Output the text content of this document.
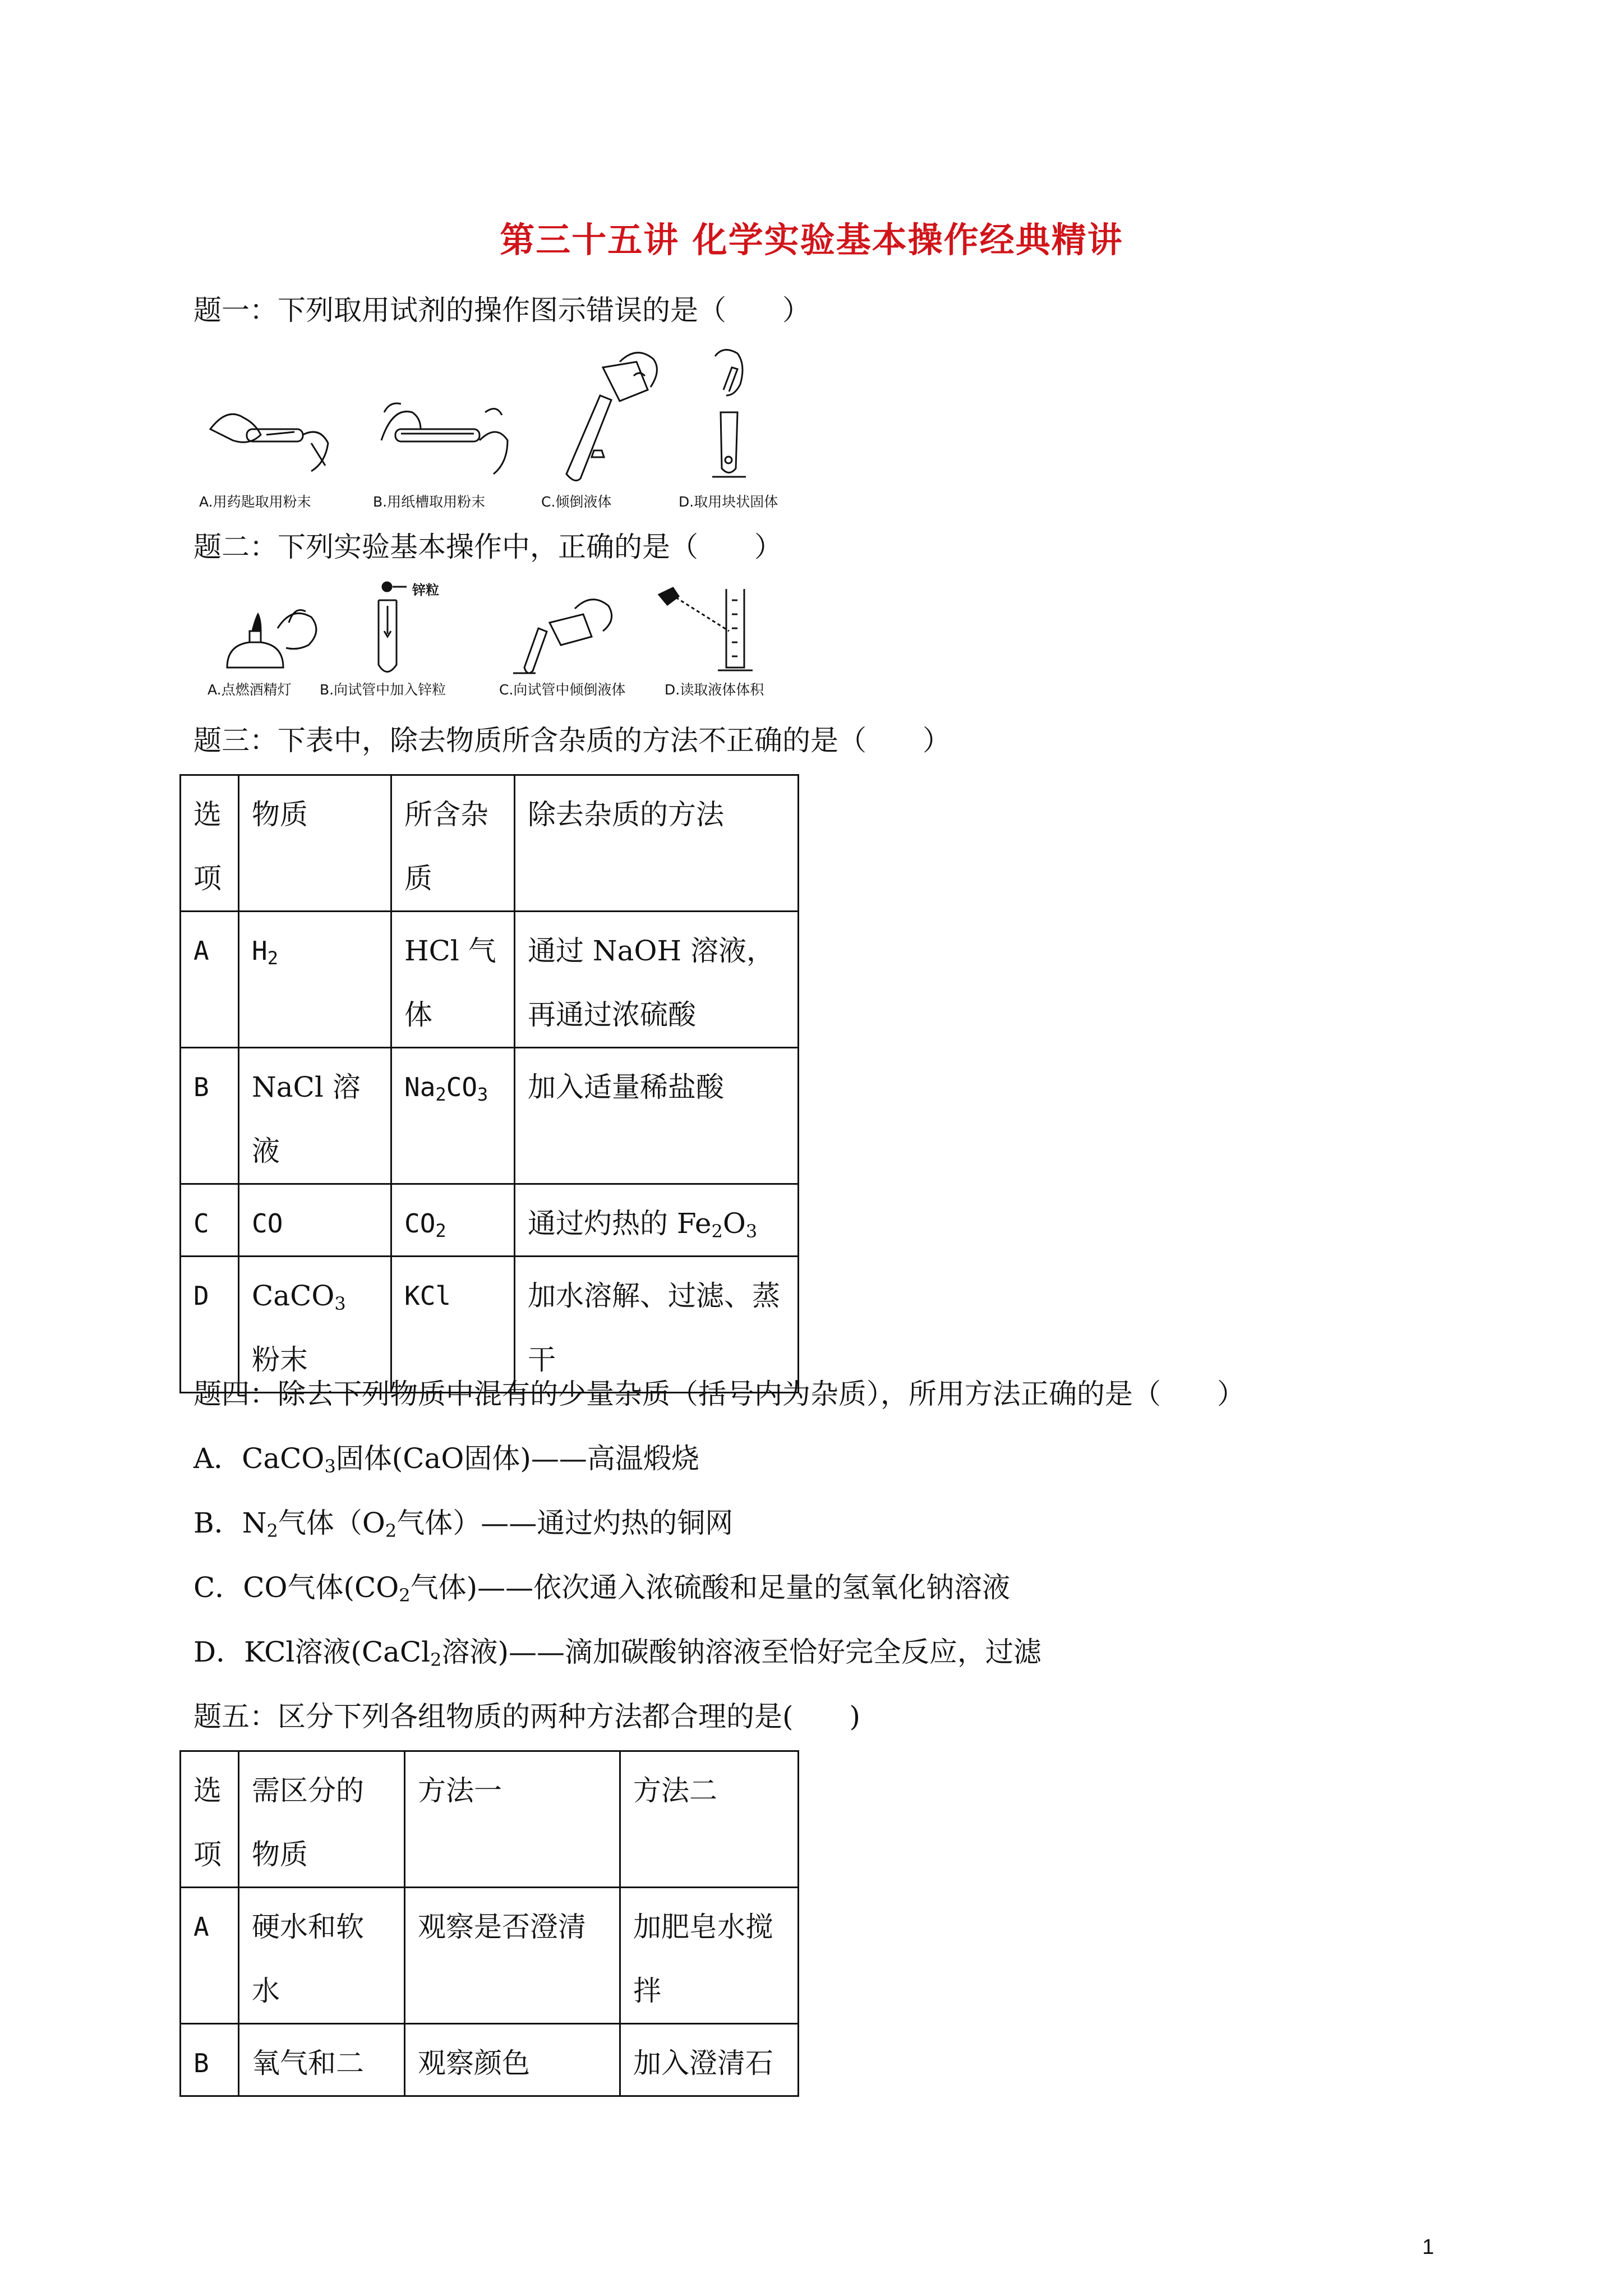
第三十五讲 化学实验基本操作经典精讲
题一：下列取用试剂的操作图示错误的是（　　）
A.用药匙取用粉末	B.用纸槽取用粉末	C.倾倒液体	D.取用块状固体
题二：下列实验基本操作中，正确的是（　　）
A.点燃酒精灯
锌粒
B.向试管中加入锌粒	C.向试管中倾倒液体	D.读取液体体积
题三：下表中，除去物质所含杂质的方法不正确的是（　　）
选项	物质	所含杂质	除去杂质的方法
A	$H_2$	HCl 气体	通过 NaOH 溶液，再通过浓硫酸
B	NaCl 溶液	$Na_2CO_3$	加入适量稀盐酸
C	CO	$CO_2$	通过灼热的 $Fe_2O_3$
D	CaCO$_3$ 粉末	KCl	加水溶解、过滤、蒸干
题四：除去下列物质中混有的少量杂质（括号内为杂质），所用方法正确的是（　　）
A．CaCO$_3$固体(CaO固体)——高温煅烧
B．$N_2$气体（$O_2$气体）——通过灼热的铜网
C．CO气体($CO_2$气体)——依次通入浓硫酸和足量的氢氧化钠溶液
D．KCl溶液(CaCl$_2$溶液)——滴加碳酸钠溶液至恰好完全反应，过滤
题五：区分下列各组物质的两种方法都合理的是(　　)
选项	需区分的物质	方法一	方法二
A	硬水和软水	观察是否澄清	加肥皂水搅拌
B	氧气和二	观察颜色	加入澄清石
1
